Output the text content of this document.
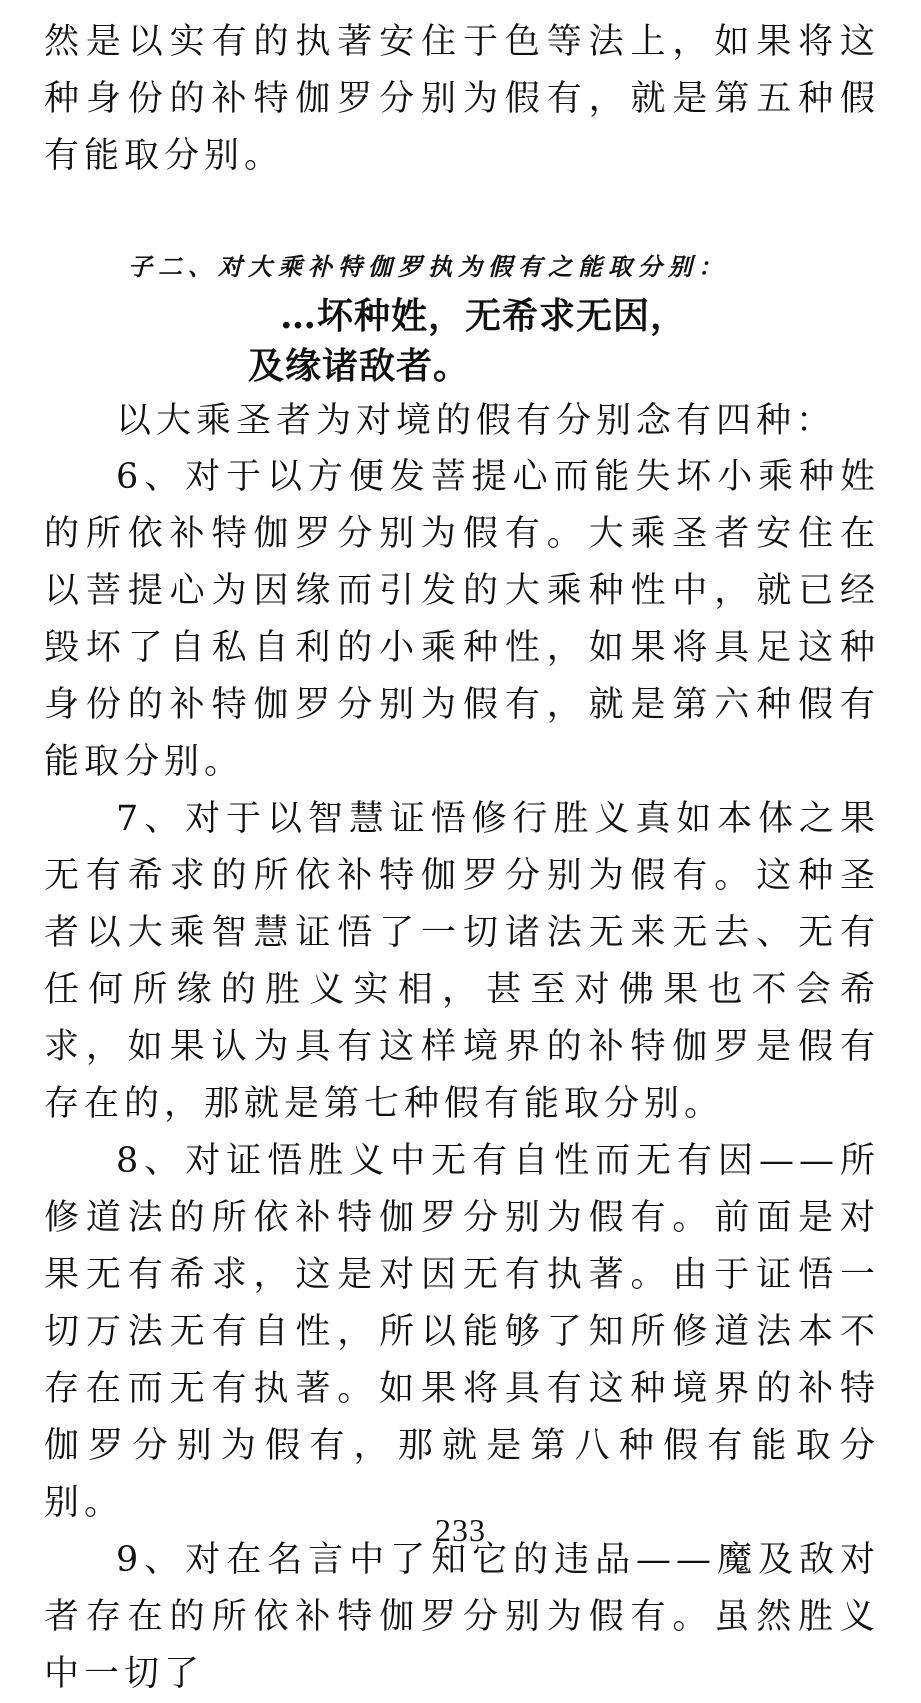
然是以实有的执著安住于色等法上，如果将这种身份的补特伽罗分别为假有，就是第五种假有能取分别。

子二、对大乘补特伽罗执为假有之能取分别：
…坏种姓，无希求无因，
及缘诸敌者。
以大乘圣者为对境的假有分别念有四种：

6、对于以方便发菩提心而能失坏小乘种姓的所依补特伽罗分别为假有。大乘圣者安住在以菩提心为因缘而引发的大乘种性中，就已经毁坏了自私自利的小乘种性，如果将具足这种身份的补特伽罗分别为假有，就是第六种假有能取分别。

7、对于以智慧证悟修行胜义真如本体之果无有希求的所依补特伽罗分别为假有。这种圣者以大乘智慧证悟了一切诸法无来无去、无有任何所缘的胜义实相，甚至对佛果也不会希求，如果认为具有这样境界的补特伽罗是假有存在的，那就是第七种假有能取分别。

8、对证悟胜义中无有自性而无有因——所修道法的所依补特伽罗分别为假有。前面是对果无有希求，这是对因无有执著。由于证悟一切万法无有自性，所以能够了知所修道法本不存在而无有执著。如果将具有这种境界的补特伽罗分别为假有，那就是第八种假有能取分别。

9、对在名言中了知它的违品——魔及敌对者存在的所依补特伽罗分别为假有。虽然胜义中一切了

233
